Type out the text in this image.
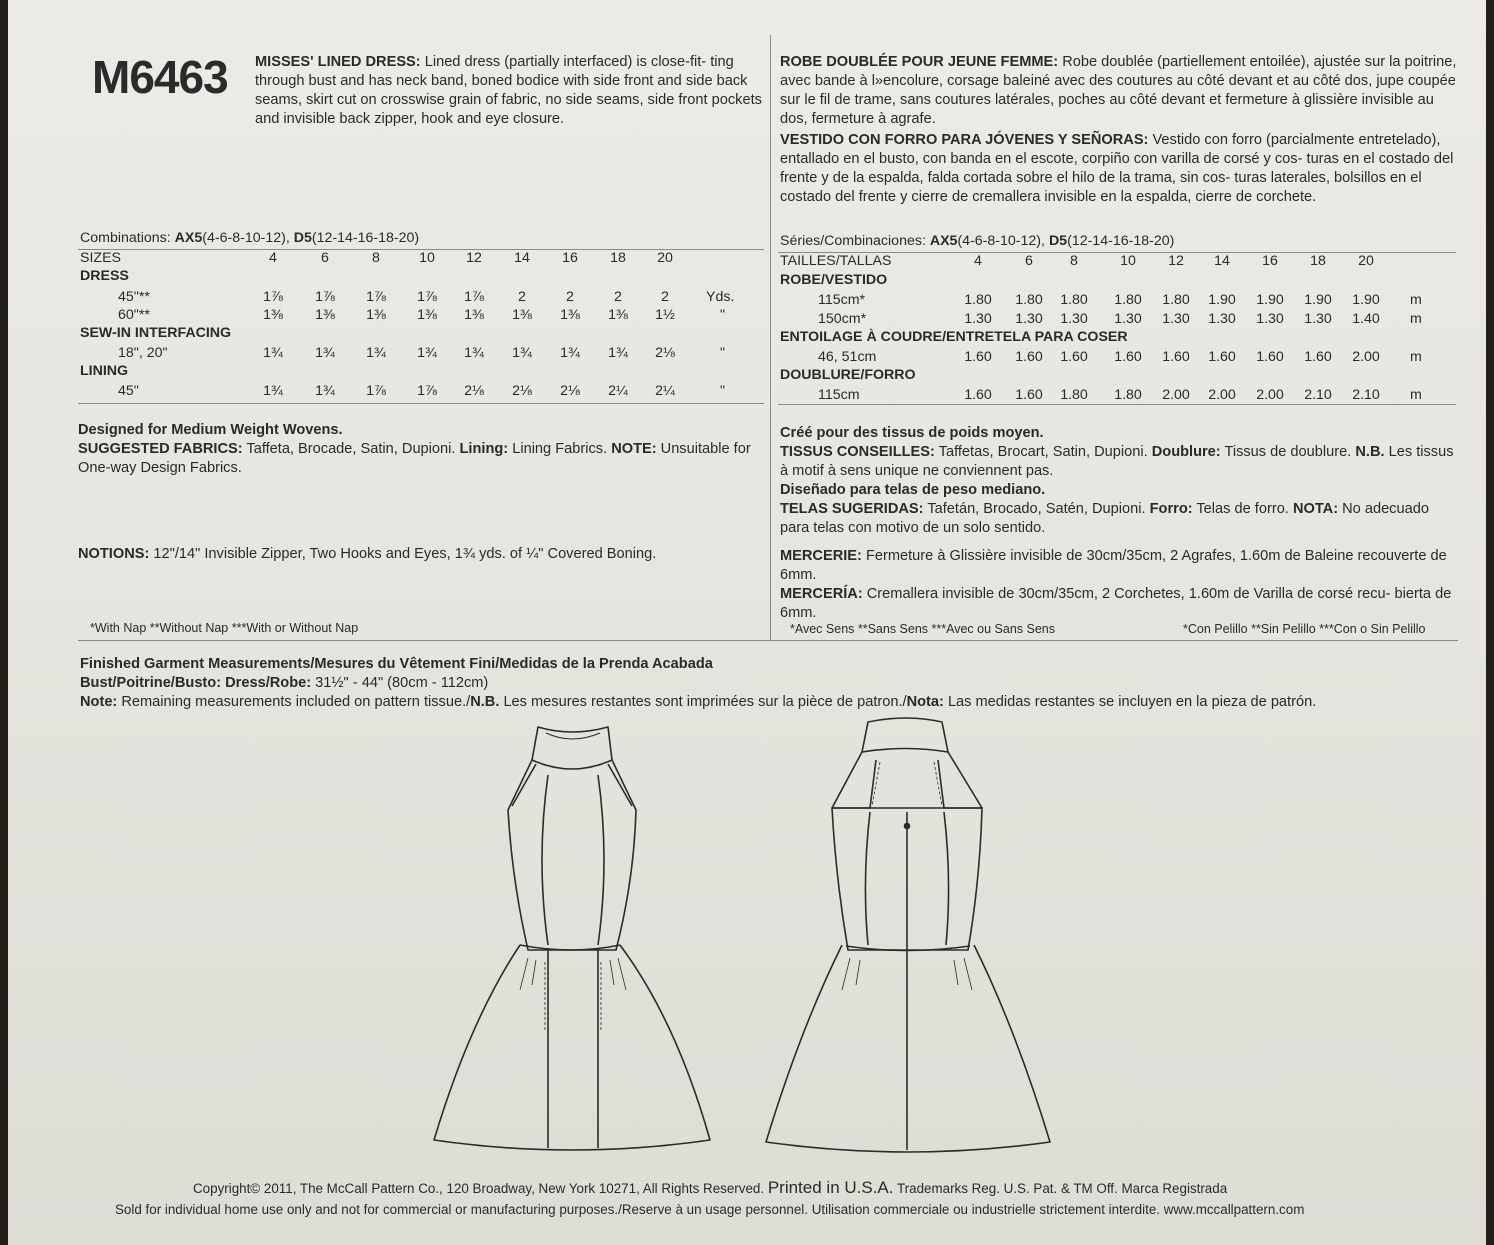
M6463 MISSES' LINED DRESS: Lined dress (partially interfaced) is close-fit- ting through bust and has neck band, boned bodice with side front and side back seams, skirt cut on crosswise grain of fabric, no side seams, side front pockets and invisible back zipper, hook and eye closure.
Combinations: AX5(4-6-8-10-12), D5(12-14-16-18-20)
SIZES	4	6	8	10	12	14	16	18	20
DRESS
45"**	1⅞ 1⅞ 1⅞ 1⅞ 1⅞	2	2	2	2	Yds.
60"**	1⅜ 1⅜ 1⅜ 1⅜ 1⅜ 1⅜ 1⅜ 1⅜ 1½	"
SEW-IN INTERFACING
18", 20"	1¾ 1¾ 1¾ 1¾ 1¾ 1¾ 1¾ 1¾ 2⅛	"
LINING
45"	1¾ 1¾ 1⅞ 1⅞ 2⅛ 2⅛ 2⅛ 2¼ 2¼	"
Designed for Medium Weight Wovens.
SUGGESTED FABRICS: Taffeta, Brocade, Satin, Dupioni. Lining: Lining Fabrics. NOTE: Unsuitable for One-way Design Fabrics.
NOTIONS: 12"/14" Invisible Zipper, Two Hooks and Eyes, 1¾ yds. of ¼" Covered Boning.
*With Nap **Without Nap ***With or Without Nap
ROBE DOUBLÉE POUR JEUNE FEMME: Robe doublée (partiellement entoilée), ajustée sur la poitrine, avec bande à l»encolure, corsage baleiné avec des coutures au côté devant et au côté dos, jupe coupée sur le fil de trame, sans coutures latérales, poches au côté devant et fermeture à glissière invisible au dos, fermeture à agrafe.
VESTIDO CON FORRO PARA JÓVENES Y SEÑORAS: Vestido con forro (parcialmente entretelado), entallado en el busto, con banda en el escote, corpiño con varilla de corsé y cos- turas en el costado del frente y de la espalda, falda cortada sobre el hilo de la trama, sin cos- turas laterales, bolsillos en el costado del frente y cierre de cremallera invisible en la espalda, cierre de corchete.
Séries/Combinaciones: AX5(4-6-8-10-12), D5(12-14-16-18-20)
TAILLES/TALLAS	4	6	8	10	12	14	16	18	20
ROBE/VESTIDO
115cm*	1.80 1.80 1.80 1.80 1.80 1.90 1.90 1.90 1.90 m
150cm*	1.30 1.30 1.30 1.30 1.30 1.30 1.30 1.30 1.40 m
ENTOILAGE À COUDRE/ENTRETELA PARA COSER
46, 51cm	1.60 1.60 1.60 1.60 1.60 1.60 1.60 1.60 2.00 m
DOUBLURE/FORRO
115cm	1.60 1.60 1.80 1.80 2.00 2.00 2.00 2.10 2.10 m
Créé pour des tissus de poids moyen.
TISSUS CONSEILLES: Taffetas, Brocart, Satin, Dupioni. Doublure: Tissus de doublure. N.B. Les tissus à motif à sens unique ne conviennent pas.
Diseñado para telas de peso mediano.
TELAS SUGERIDAS: Tafetán, Brocado, Satén, Dupioni. Forro: Telas de forro. NOTA: No adecuado para telas con motivo de un solo sentido.
MERCERIE: Fermeture à Glissière invisible de 30cm/35cm, 2 Agrafes, 1.60m de Baleine recouverte de 6mm.
MERCERÍA: Cremallera invisible de 30cm/35cm, 2 Corchetes, 1.60m de Varilla de corsé recu- bierta de 6mm.
*Avec Sens **Sans Sens ***Avec ou Sans Sens	*Con Pelillo **Sin Pelillo ***Con o Sin Pelillo
Finished Garment Measurements/Mesures du Vêtement Fini/Medidas de la Prenda Acabada
Bust/Poitrine/Busto: Dress/Robe: 31½" - 44" (80cm - 112cm)
Note: Remaining measurements included on pattern tissue./N.B. Les mesures restantes sont imprimées sur la pièce de patron./Nota: Las medidas restantes se incluyen en la pieza de patrón.
Copyright© 2011, The McCall Pattern Co., 120 Broadway, New York 10271, All Rights Reserved. Printed in U.S.A. Trademarks Reg. U.S. Pat. & TM Off. Marca Registrada
Sold for individual home use only and not for commercial or manufacturing purposes./Reserve à un usage personnel. Utilisation commerciale ou industrielle strictement interdite. www.mccallpattern.com
